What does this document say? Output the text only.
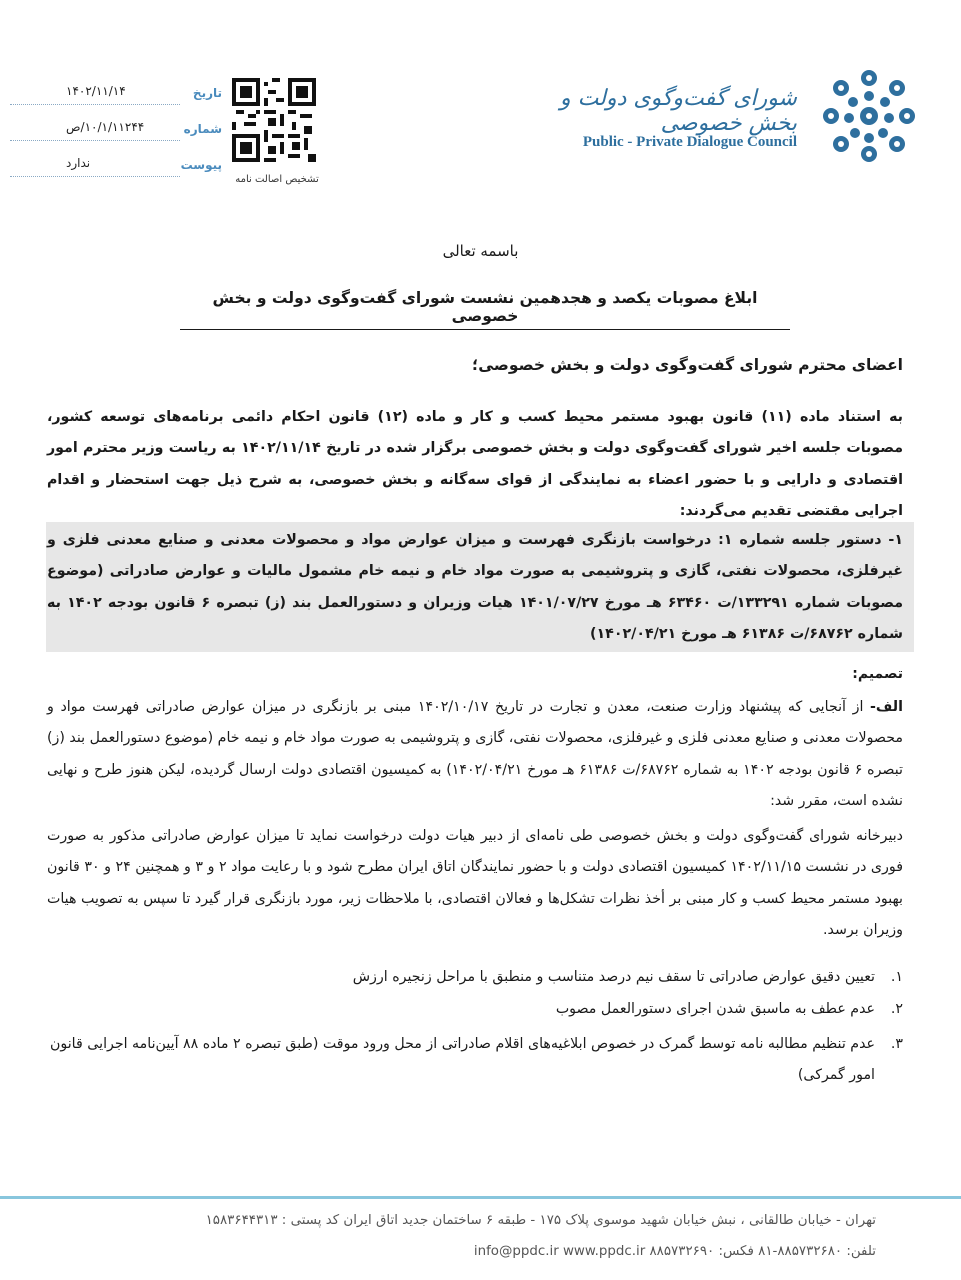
شورای گفت‌وگوی دولت و بخش خصوصی
Public - Private Dialogue Council
تشخیص اصالت نامه
تاریخ
۱۴۰۲/۱۱/۱۴
شماره
۱۰/۱/۱۱۲۴۴/ص
پیوست
ندارد
باسمه تعالی
ابلاغ مصوبات یکصد و هجدهمین نشست شورای گفت‌وگوی دولت و بخش خصوصی
اعضای محترم شورای گفت‌وگوی دولت و بخش خصوصی؛
به استناد ماده (۱۱) قانون بهبود مستمر محیط کسب و کار و ماده (۱۲) قانون احکام دائمی برنامه‌های توسعه کشور، مصوبات جلسه اخیر شورای گفت‌وگوی دولت و بخش خصوصی برگزار شده در تاریخ ۱۴۰۲/۱۱/۱۴ به ریاست وزیر محترم امور اقتصادی و دارایی و با حضور اعضاء به نمایندگی از قوای سه‌گانه و بخش خصوصی، به شرح ذیل جهت استحضار و اقدام اجرایی مقتضی تقدیم می‌گردند:
۱- دستور جلسه شماره ۱: درخواست بازنگری فهرست و میزان عوارض مواد و محصولات معدنی و صنایع معدنی فلزی و غیرفلزی، محصولات نفتی، گازی و پتروشیمی به صورت مواد خام و نیمه خام مشمول مالیات و عوارض صادراتی (موضوع مصوبات شماره ۱۳۳۲۹۱/ت ۶۳۴۶۰ هـ مورخ ۱۴۰۱/۰۷/۲۷ هیات وزیران و دستورالعمل بند (ز) تبصره ۶ قانون بودجه ۱۴۰۲ به شماره ۶۸۷۶۲/ت ۶۱۳۸۶ هـ مورخ ۱۴۰۲/۰۴/۲۱)
تصمیم:
الف- از آنجایی که پیشنهاد وزارت صنعت، معدن و تجارت در تاریخ ۱۴۰۲/۱۰/۱۷ مبنی بر بازنگری در میزان عوارض صادراتی فهرست مواد و محصولات معدنی و صنایع معدنی فلزی و غیرفلزی، محصولات نفتی، گازی و پتروشیمی به صورت مواد خام و نیمه خام (موضوع دستورالعمل بند (ز) تبصره ۶ قانون بودجه ۱۴۰۲ به شماره ۶۸۷۶۲/ت ۶۱۳۸۶ هـ مورخ ۱۴۰۲/۰۴/۲۱) به کمیسیون اقتصادی دولت ارسال گردیده، لیکن هنوز طرح و نهایی نشده است، مقرر شد:
دبیرخانه شورای گفت‌وگوی دولت و بخش خصوصی طی نامه‌ای از دبیر هیات دولت درخواست نماید تا میزان عوارض صادراتی مذکور به صورت فوری در نشست ۱۴۰۲/۱۱/۱۵ کمیسیون اقتصادی دولت و با حضور نمایندگان اتاق ایران مطرح شود و با رعایت مواد ۲ و ۳ و همچنین ۲۴ و ۳۰ قانون بهبود مستمر محیط کسب و کار مبنی بر أخذ نظرات تشکل‌ها و فعالان اقتصادی، با ملاحظات زیر، مورد بازنگری قرار گیرد تا سپس به تصویب هیات وزیران برسد.
۱.
تعیین دقیق عوارض صادراتی تا سقف نیم درصد متناسب و منطبق با مراحل زنجیره ارزش
۲.
عدم عطف به ماسبق شدن اجرای دستورالعمل مصوب
۳.
عدم تنظیم مطالبه نامه توسط گمرک در خصوص ابلاغیه‌های اقلام صادراتی از محل ورود موقت (طبق تبصره ۲ ماده ۸۸ آیین‌نامه اجرایی قانون امور گمرکی)
تهران - خیابان طالقانی ، نبش خیابان شهید موسوی پلاک ۱۷۵ - طبقه ۶ ساختمان جدید اتاق ایران کد پستی : ۱۵۸۳۶۴۴۳۱۳
تلفن: ۸۸۵۷۳۲۶۸۰-۸۱ فکس: ۸۸۵۷۳۲۶۹۰ info@ppdc.ir www.ppdc.ir
